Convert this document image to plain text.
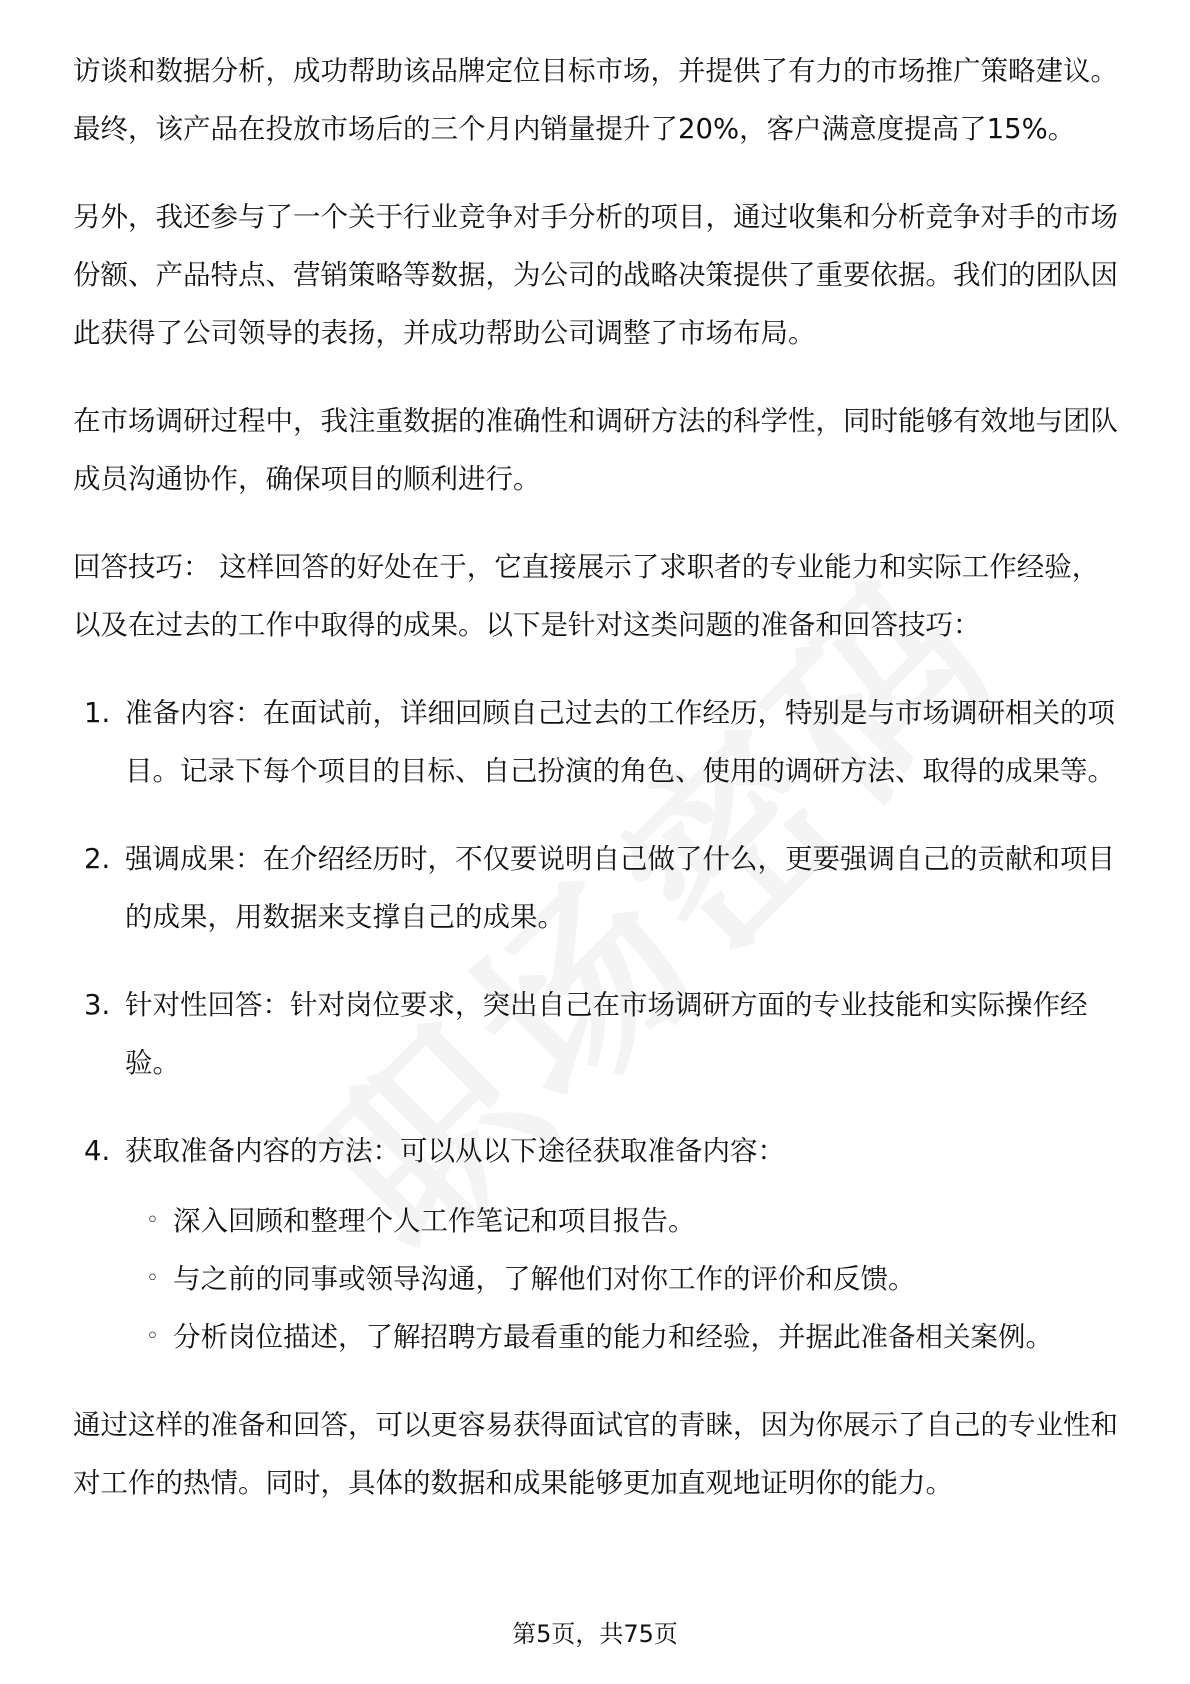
访谈和数据分析，成功帮助该品牌定位目标市场，并提供了有力的市场推广策略建议。最终，该产品在投放市场后的三个月内销量提升了20%，客户满意度提高了15%。

另外，我还参与了一个关于行业竞争对手分析的项目，通过收集和分析竞争对手的市场份额、产品特点、营销策略等数据，为公司的战略决策提供了重要依据。我们的团队因此获得了公司领导的表扬，并成功帮助公司调整了市场布局。

在市场调研过程中，我注重数据的准确性和调研方法的科学性，同时能够有效地与团队成员沟通协作，确保项目的顺利进行。

回答技巧： 这样回答的好处在于，它直接展示了求职者的专业能力和实际工作经验，以及在过去的工作中取得的成果。以下是针对这类问题的准备和回答技巧：

1. 准备内容：在面试前，详细回顾自己过去的工作经历，特别是与市场调研相关的项目。记录下每个项目的目标、自己扮演的角色、使用的调研方法、取得的成果等。

2. 强调成果：在介绍经历时，不仅要说明自己做了什么，更要强调自己的贡献和项目的成果，用数据来支撑自己的成果。

3. 针对性回答：针对岗位要求，突出自己在市场调研方面的专业技能和实际操作经验。

4. 获取准备内容的方法：可以从以下途径获取准备内容：

◦ 深入回顾和整理个人工作笔记和项目报告。
◦ 与之前的同事或领导沟通，了解他们对你工作的评价和反馈。
◦ 分析岗位描述，了解招聘方最看重的能力和经验，并据此准备相关案例。

通过这样的准备和回答，可以更容易获得面试官的青睐，因为你展示了自己的专业性和对工作的热情。同时，具体的数据和成果能够更加直观地证明你的能力。

第5页，共75页
